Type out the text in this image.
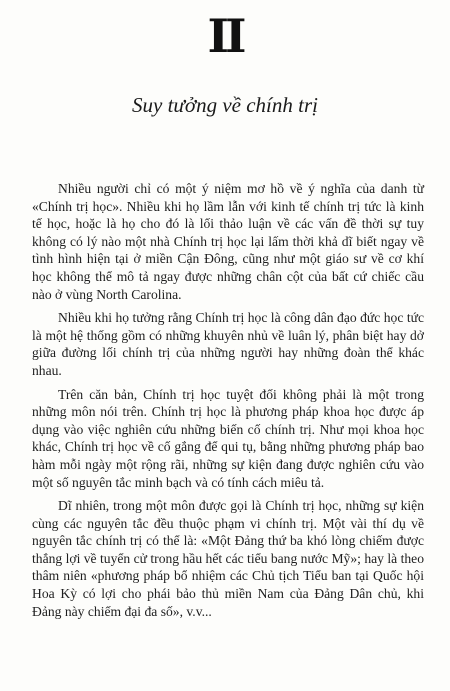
II
Suy tưởng về chính trị

Nhiều người chỉ có một ý niệm mơ hồ về ý nghĩa của danh từ «Chính trị học». Nhiều khi họ lầm lẫn với kinh tế chính trị tức là kinh tế học, hoặc là họ cho đó là lối thảo luận về các vấn đề thời sự tuy không có lý nào một nhà Chính trị học lại lấm thời khả dĩ biết ngay về tình hình hiện tại ở miền Cận Đông, cũng như một giáo sư về cơ khí học không thể mô tả ngay được những chân cột của bất cứ chiếc cầu nào ở vùng North Carolina.

Nhiều khi họ tưởng rằng Chính trị học là công dân đạo đức học tức là một hệ thống gồm có những khuyên nhủ về luân lý, phân biệt hay dở giữa đường lối chính trị của những người hay những đoàn thể khác nhau.

Trên căn bản, Chính trị học tuyệt đối không phải là một trong những môn nói trên. Chính trị học là phương pháp khoa học được áp dụng vào việc nghiên cứu những biến cố chính trị. Như mọi khoa học khác, Chính trị học về cố gắng để qui tụ, bằng những phương pháp bao hàm mỗi ngày một rộng rãi, những sự kiện đang được nghiên cứu vào một số nguyên tắc minh bạch và có tính cách miêu tả.

Dĩ nhiên, trong một môn được gọi là Chính trị học, những sự kiện cùng các nguyên tắc đều thuộc phạm vi chính trị. Một vài thí dụ về nguyên tắc chính trị có thể là: «Một Đảng thứ ba khó lòng chiếm được thắng lợi về tuyển cử trong hầu hết các tiểu bang nước Mỹ»; hay là theo thâm niên «phương pháp bổ nhiệm các Chủ tịch Tiểu ban tại Quốc hội Hoa Kỳ có lợi cho phái bảo thủ miền Nam của Đảng Dân chủ, khi Đảng này chiếm đại đa số», v.v...
